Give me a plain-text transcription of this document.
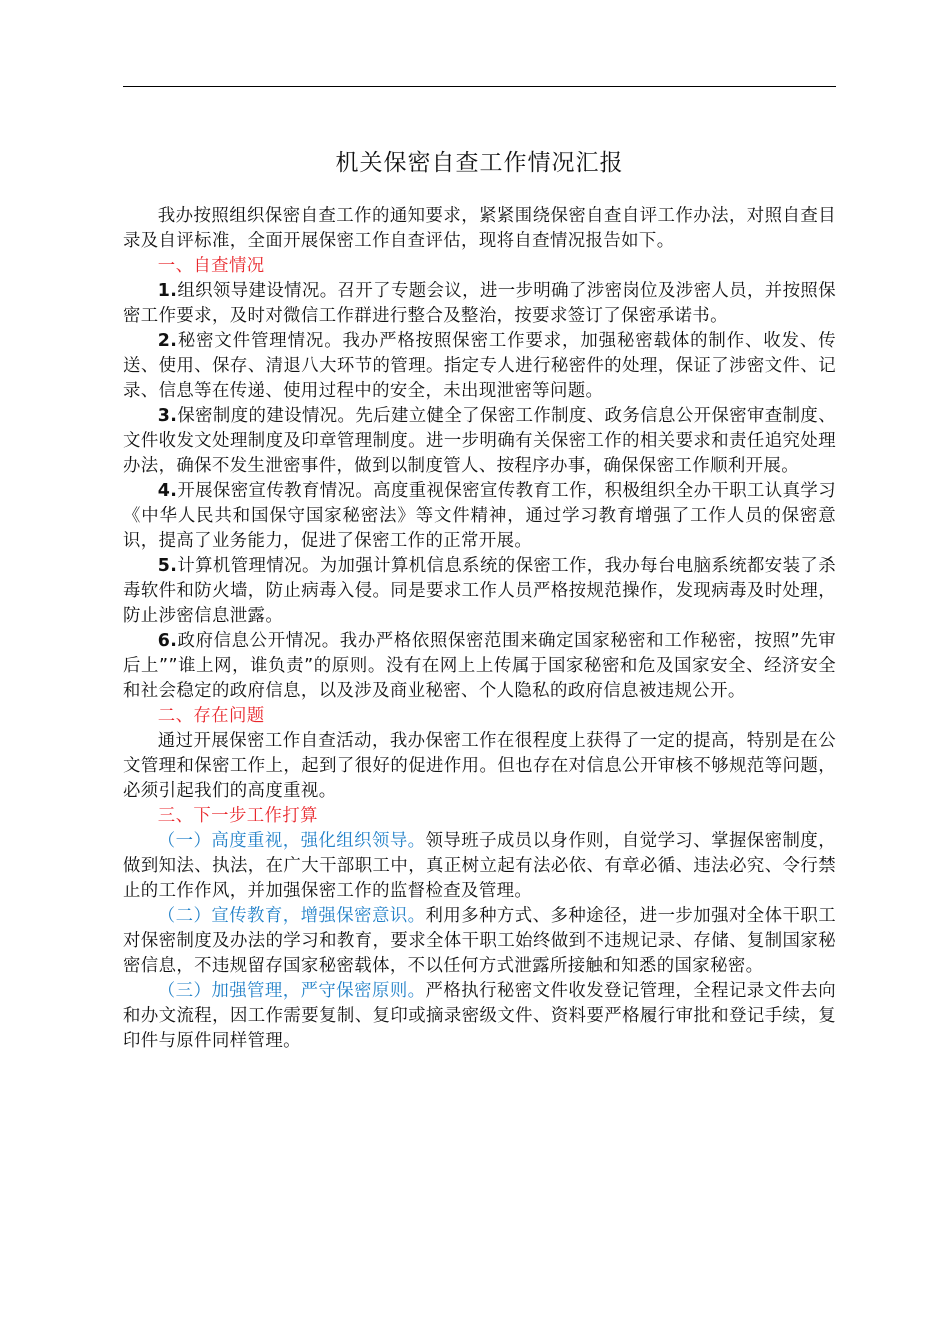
机关保密自查工作情况汇报

我办按照组织保密自查工作的通知要求，紧紧围绕保密自查自评工作办法，对照自查目录及自评标准，全面开展保密工作自查评估，现将自查情况报告如下。

一、自查情况

1.组织领导建设情况。召开了专题会议，进一步明确了涉密岗位及涉密人员，并按照保密工作要求，及时对微信工作群进行整合及整治，按要求签订了保密承诺书。

2.秘密文件管理情况。我办严格按照保密工作要求，加强秘密载体的制作、收发、传送、使用、保存、清退八大环节的管理。指定专人进行秘密件的处理，保证了涉密文件、记录、信息等在传递、使用过程中的安全，未出现泄密等问题。

3.保密制度的建设情况。先后建立健全了保密工作制度、政务信息公开保密审查制度、文件收发文处理制度及印章管理制度。进一步明确有关保密工作的相关要求和责任追究处理办法，确保不发生泄密事件，做到以制度管人、按程序办事，确保保密工作顺利开展。

4.开展保密宣传教育情况。高度重视保密宣传教育工作，积极组织全办干职工认真学习《中华人民共和国保守国家秘密法》等文件精神，通过学习教育增强了工作人员的保密意识，提高了业务能力，促进了保密工作的正常开展。

5.计算机管理情况。为加强计算机信息系统的保密工作，我办每台电脑系统都安装了杀毒软件和防火墙，防止病毒入侵。同是要求工作人员严格按规范操作，发现病毒及时处理，防止涉密信息泄露。

6.政府信息公开情况。我办严格依照保密范围来确定国家秘密和工作秘密，按照”先审后上””谁上网，谁负责”的原则。没有在网上上传属于国家秘密和危及国家安全、经济安全和社会稳定的政府信息，以及涉及商业秘密、个人隐私的政府信息被违规公开。

二、存在问题

通过开展保密工作自查活动，我办保密工作在很程度上获得了一定的提高，特别是在公文管理和保密工作上，起到了很好的促进作用。但也存在对信息公开审核不够规范等问题，必须引起我们的高度重视。

三、下一步工作打算

（一）高度重视，强化组织领导。领导班子成员以身作则，自觉学习、掌握保密制度，做到知法、执法，在广大干部职工中，真正树立起有法必依、有章必循、违法必究、令行禁止的工作作风，并加强保密工作的监督检查及管理。

（二）宣传教育，增强保密意识。利用多种方式、多种途径，进一步加强对全体干职工对保密制度及办法的学习和教育，要求全体干职工始终做到不违规记录、存储、复制国家秘密信息，不违规留存国家秘密载体，不以任何方式泄露所接触和知悉的国家秘密。

（三）加强管理，严守保密原则。严格执行秘密文件收发登记管理，全程记录文件去向和办文流程，因工作需要复制、复印或摘录密级文件、资料要严格履行审批和登记手续，复印件与原件同样管理。
